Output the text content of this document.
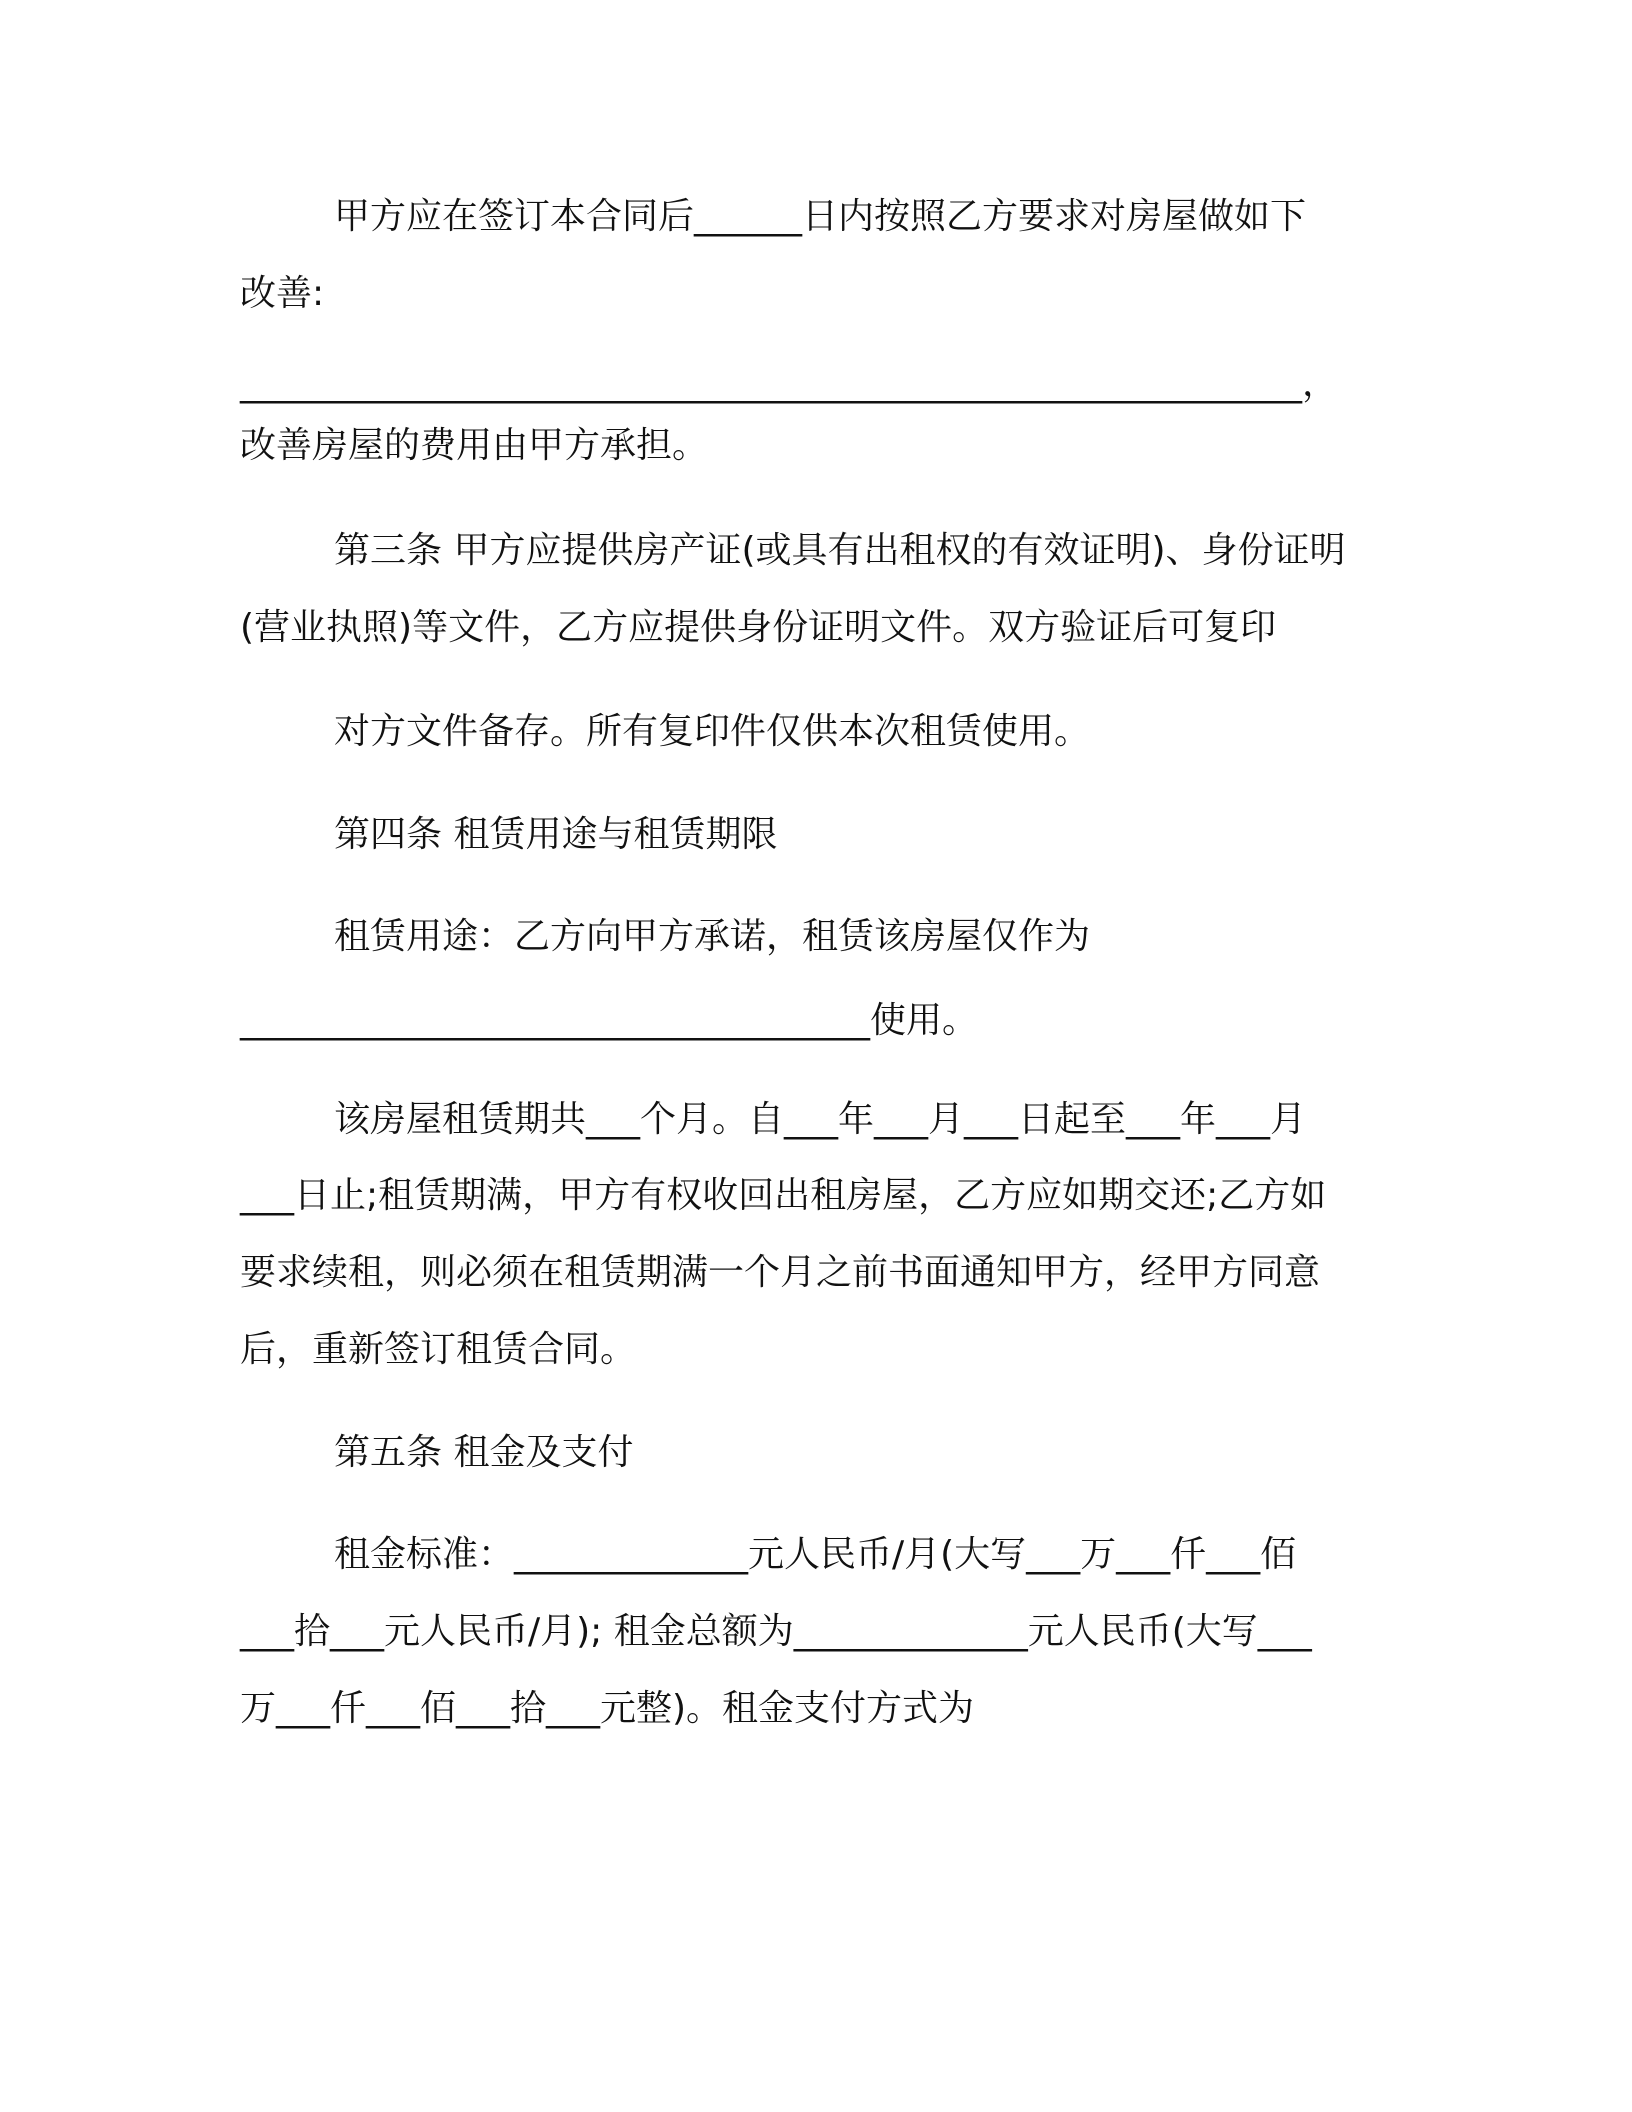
甲方应在签订本合同后______日内按照乙方要求对房屋做如下
改善:
___________________________________________________________，
改善房屋的费用由甲方承担。
第三条 甲方应提供房产证(或具有出租权的有效证明)、身份证明
(营业执照)等文件，乙方应提供身份证明文件。双方验证后可复印
对方文件备存。所有复印件仅供本次租赁使用。
第四条 租赁用途与租赁期限
租赁用途：乙方向甲方承诺，租赁该房屋仅作为
___________________________________使用。
该房屋租赁期共___个月。自___年___月___日起至___年___月
___日止;租赁期满，甲方有权收回出租房屋，乙方应如期交还;乙方如
要求续租，则必须在租赁期满一个月之前书面通知甲方，经甲方同意
后，重新签订租赁合同。
第五条 租金及支付
租金标准：_____________元人民币/月(大写___万___仟___佰
___拾___元人民币/月); 租金总额为_____________元人民币(大写___
万___仟___佰___拾___元整)。租金支付方式为
